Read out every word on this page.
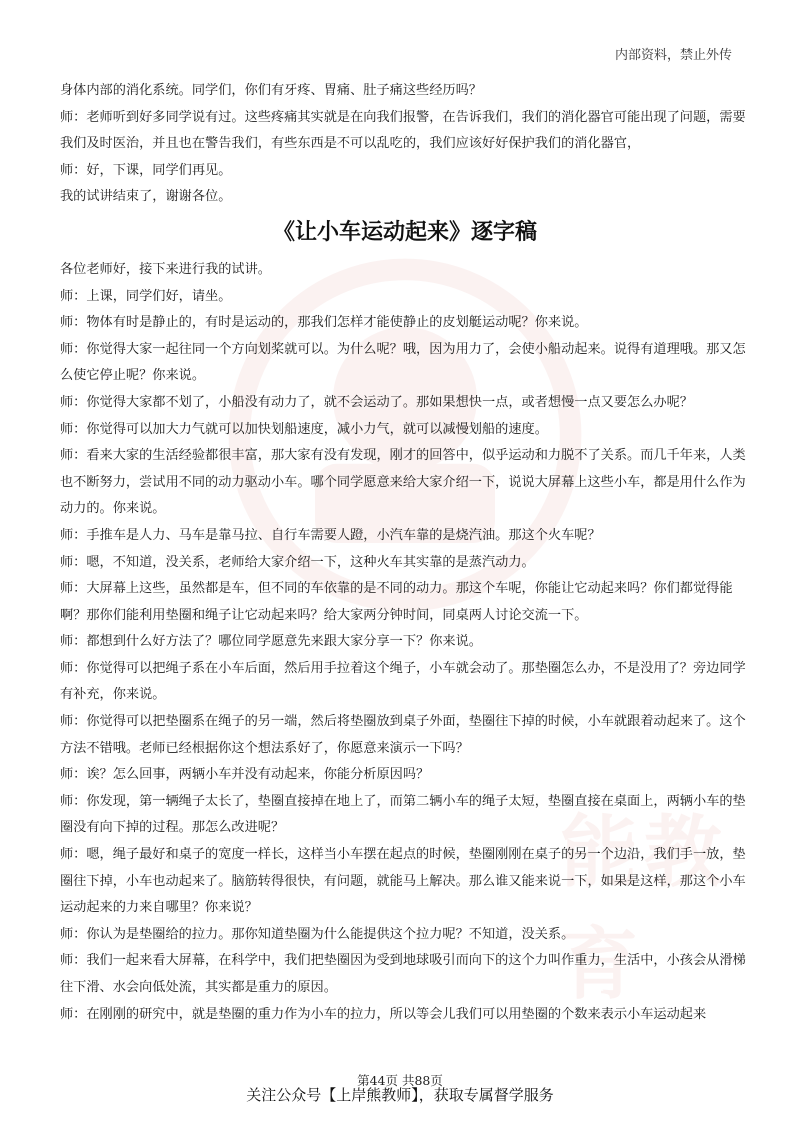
能教育
内部资料，禁止外传

身体内部的消化系统。同学们，你们有牙疼、胃痛、肚子痛这些经历吗？

师：老师听到好多同学说有过。这些疼痛其实就是在向我们报警，在告诉我们，我们的消化器官可能出现了问题，需要我们及时医治，并且也在警告我们，有些东西是不可以乱吃的，我们应该好好保护我们的消化器官，

师：好，下课，同学们再见。

我的试讲结束了，谢谢各位。

《让小车运动起来》逐字稿

各位老师好，接下来进行我的试讲。

师：上课，同学们好，请坐。

师：物体有时是静止的，有时是运动的，那我们怎样才能使静止的皮划艇运动呢？你来说。

师：你觉得大家一起往同一个方向划桨就可以。为什么呢？哦，因为用力了，会使小船动起来。说得有道理哦。那又怎么使它停止呢？你来说。

师：你觉得大家都不划了，小船没有动力了，就不会运动了。那如果想快一点，或者想慢一点又要怎么办呢？

师：你觉得可以加大力气就可以加快划船速度，减小力气，就可以减慢划船的速度。

师：看来大家的生活经验都很丰富，那大家有没有发现，刚才的回答中，似乎运动和力脱不了关系。而几千年来，人类也不断努力，尝试用不同的动力驱动小车。哪个同学愿意来给大家介绍一下，说说大屏幕上这些小车，都是用什么作为动力的。你来说。

师：手推车是人力、马车是靠马拉、自行车需要人蹬，小汽车靠的是烧汽油。那这个火车呢？

师：嗯，不知道，没关系，老师给大家介绍一下，这种火车其实靠的是蒸汽动力。

师：大屏幕上这些，虽然都是车，但不同的车依靠的是不同的动力。那这个车呢，你能让它动起来吗？你们都觉得能啊？那你们能利用垫圈和绳子让它动起来吗？给大家两分钟时间，同桌两人讨论交流一下。

师：都想到什么好方法了？哪位同学愿意先来跟大家分享一下？你来说。

师：你觉得可以把绳子系在小车后面，然后用手拉着这个绳子，小车就会动了。那垫圈怎么办，不是没用了？旁边同学有补充，你来说。

师：你觉得可以把垫圈系在绳子的另一端，然后将垫圈放到桌子外面，垫圈往下掉的时候，小车就跟着动起来了。这个方法不错哦。老师已经根据你这个想法系好了，你愿意来演示一下吗？

师：诶？怎么回事，两辆小车并没有动起来，你能分析原因吗？

师：你发现，第一辆绳子太长了，垫圈直接掉在地上了，而第二辆小车的绳子太短，垫圈直接在桌面上，两辆小车的垫圈没有向下掉的过程。那怎么改进呢？

师：嗯，绳子最好和桌子的宽度一样长，这样当小车摆在起点的时候，垫圈刚刚在桌子的另一个边沿，我们手一放，垫圈往下掉，小车也动起来了。脑筋转得很快，有问题，就能马上解决。那么谁又能来说一下，如果是这样，那这个小车运动起来的力来自哪里？你来说？

师：你认为是垫圈给的拉力。那你知道垫圈为什么能提供这个拉力呢？不知道，没关系。

师：我们一起来看大屏幕，在科学中，我们把垫圈因为受到地球吸引而向下的这个力叫作重力，生活中，小孩会从滑梯往下滑、水会向低处流，其实都是重力的原因。

师：在刚刚的研究中，就是垫圈的重力作为小车的拉力，所以等会儿我们可以用垫圈的个数来表示小车运动起来

第44页 共88页
关注公众号【上岸熊教师】，获取专属督学服务
